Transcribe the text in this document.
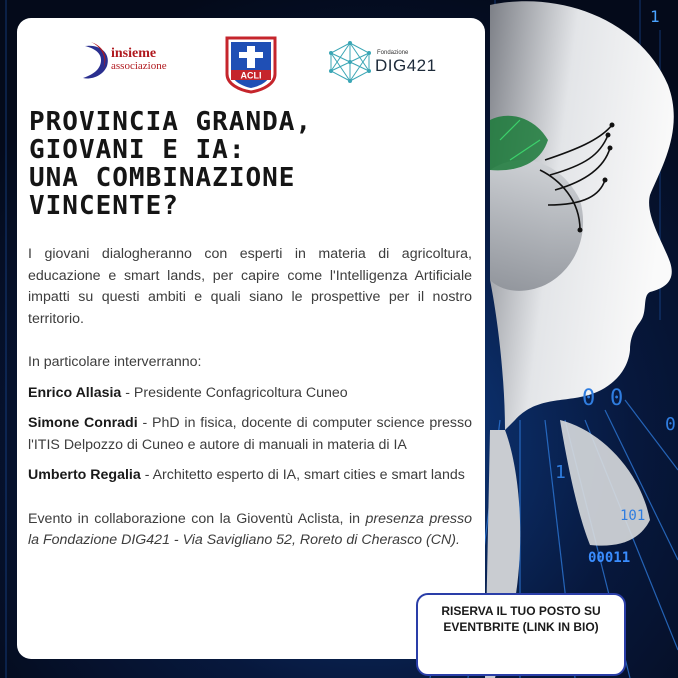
1
00011
0 0
1
101
0
insieme
associazione
ACLI
Fondazione
DIG421
PROVINCIA GRANDA,
GIOVANI E IA:
UNA COMBINAZIONE
VINCENTE?

I giovani dialogheranno con esperti in materia di agricoltura, educazione e smart lands, per capire come l'Intelligenza Artificiale impatti su questi ambiti e quali siano le prospettive per il nostro territorio.

In particolare interverranno:

Enrico Allasia - Presidente Confagricoltura Cuneo

Simone Conradi - PhD in fisica, docente di computer science presso l'ITIS Delpozzo di Cuneo e autore di manuali in materia di IA

Umberto Regalia - Architetto esperto di IA, smart cities e smart lands

Evento in collaborazione con la Gioventù Aclista, in presenza presso la Fondazione DIG421 - Via Savigliano 52, Roreto di Cherasco (CN).

RISERVA IL TUO POSTO SU EVENTBRITE (LINK IN BIO)
